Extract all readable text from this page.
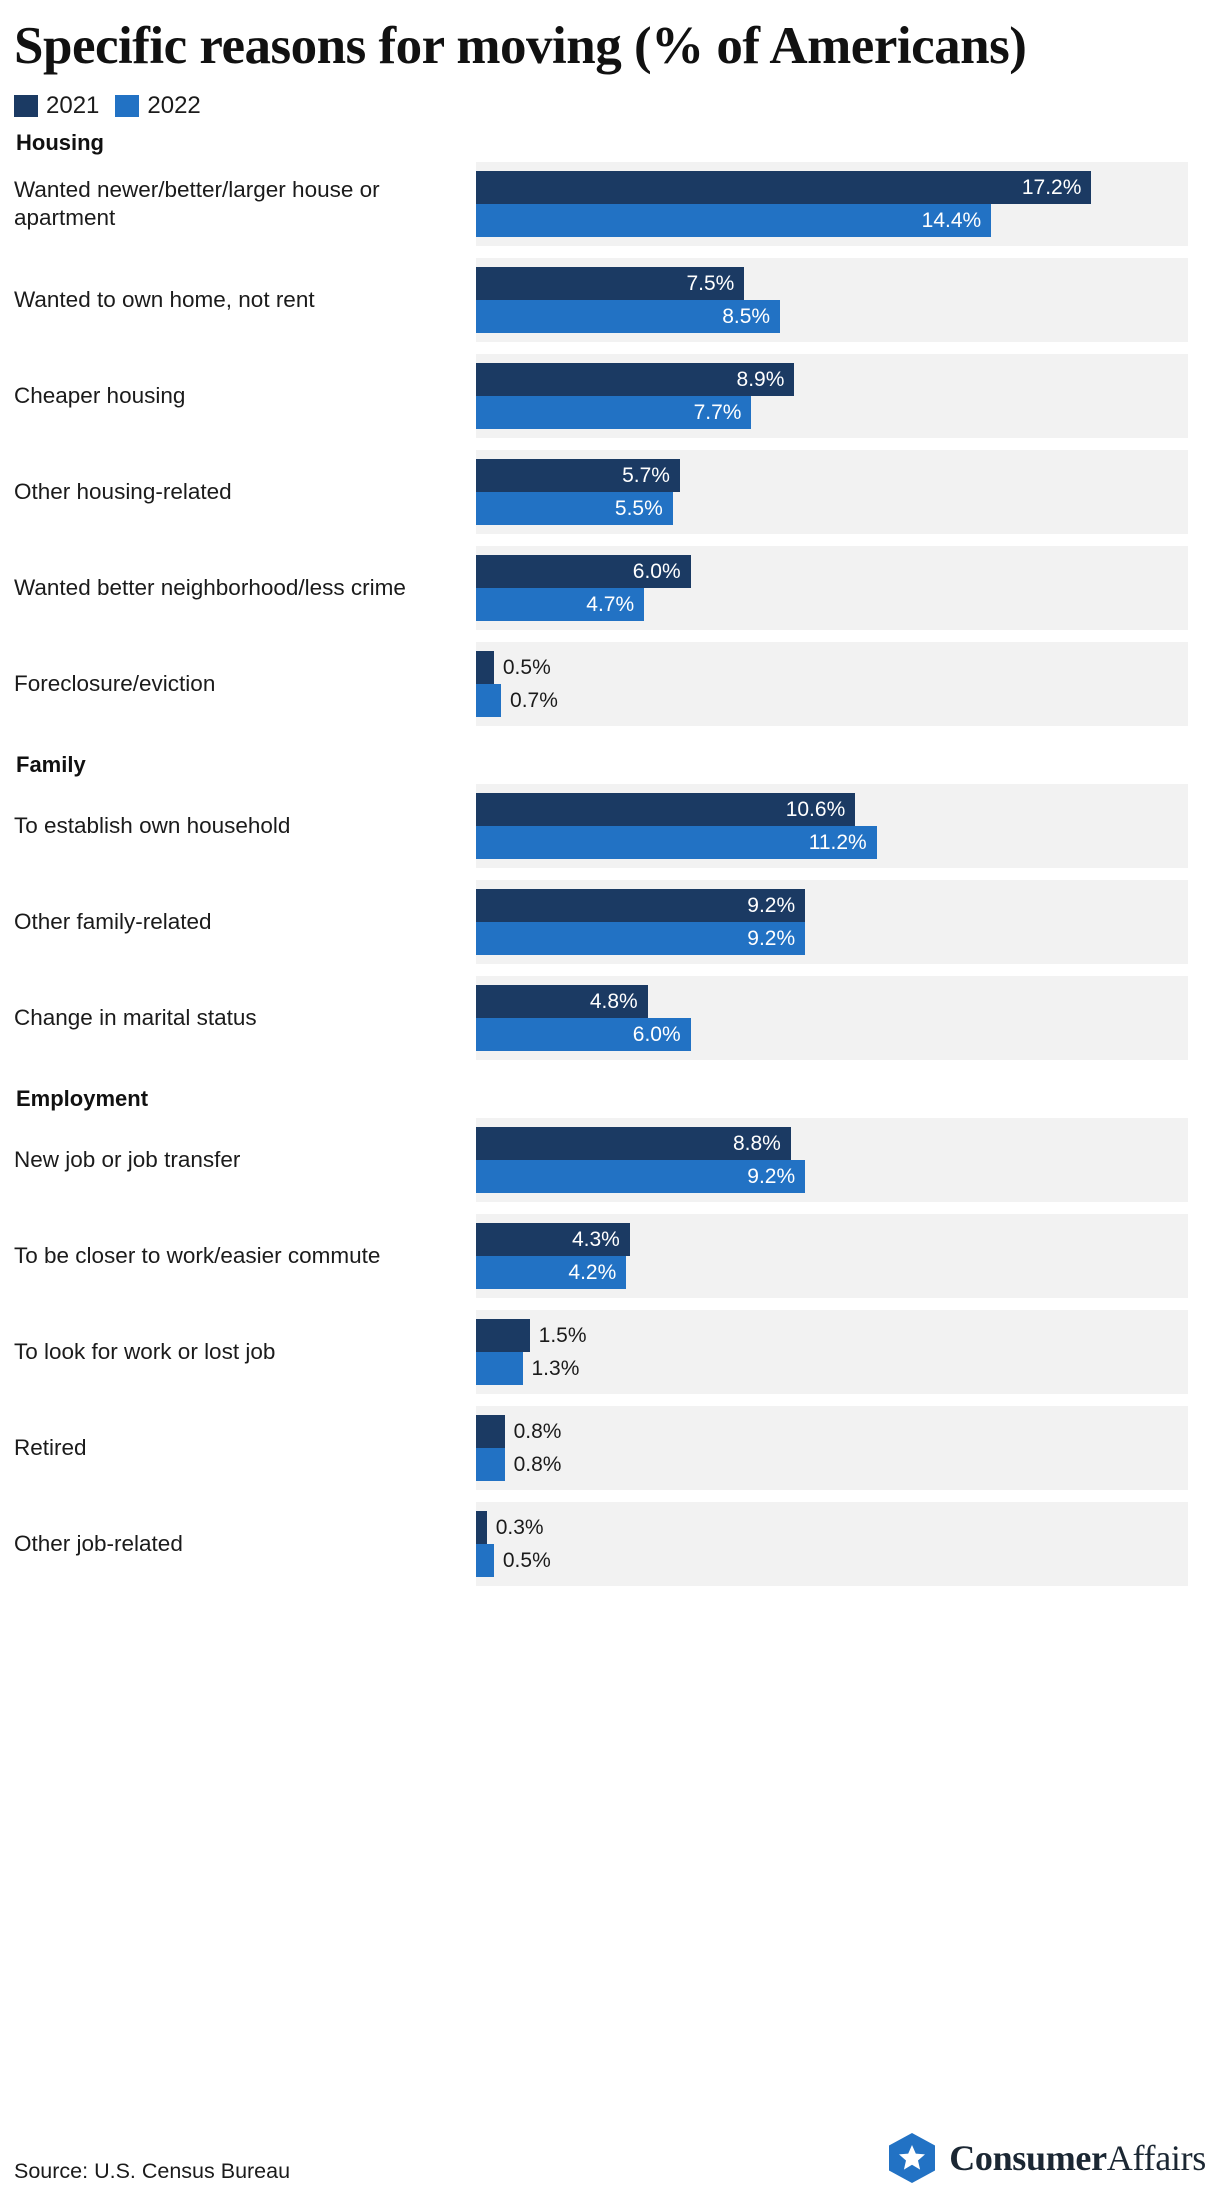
Specific reasons for moving (% of Americans)
2021 2022
Housing
Wanted newer/better/larger house or apartment
17.2%
14.4%
Wanted to own home, not rent
7.5%
8.5%
Cheaper housing
8.9%
7.7%
Other housing-related
5.7%
5.5%
Wanted better neighborhood/less crime
6.0%
4.7%
Foreclosure/eviction
0.5%
0.7%
Family
To establish own household
10.6%
11.2%
Other family-related
9.2%
9.2%
Change in marital status
4.8%
6.0%
Employment
New job or job transfer
8.8%
9.2%
To be closer to work/easier commute
4.3%
4.2%
To look for work or lost job
1.5%
1.3%
Retired
0.8%
0.8%
Other job-related
0.3%
0.5%
Source: U.S. Census Bureau	ConsumerAffairs
